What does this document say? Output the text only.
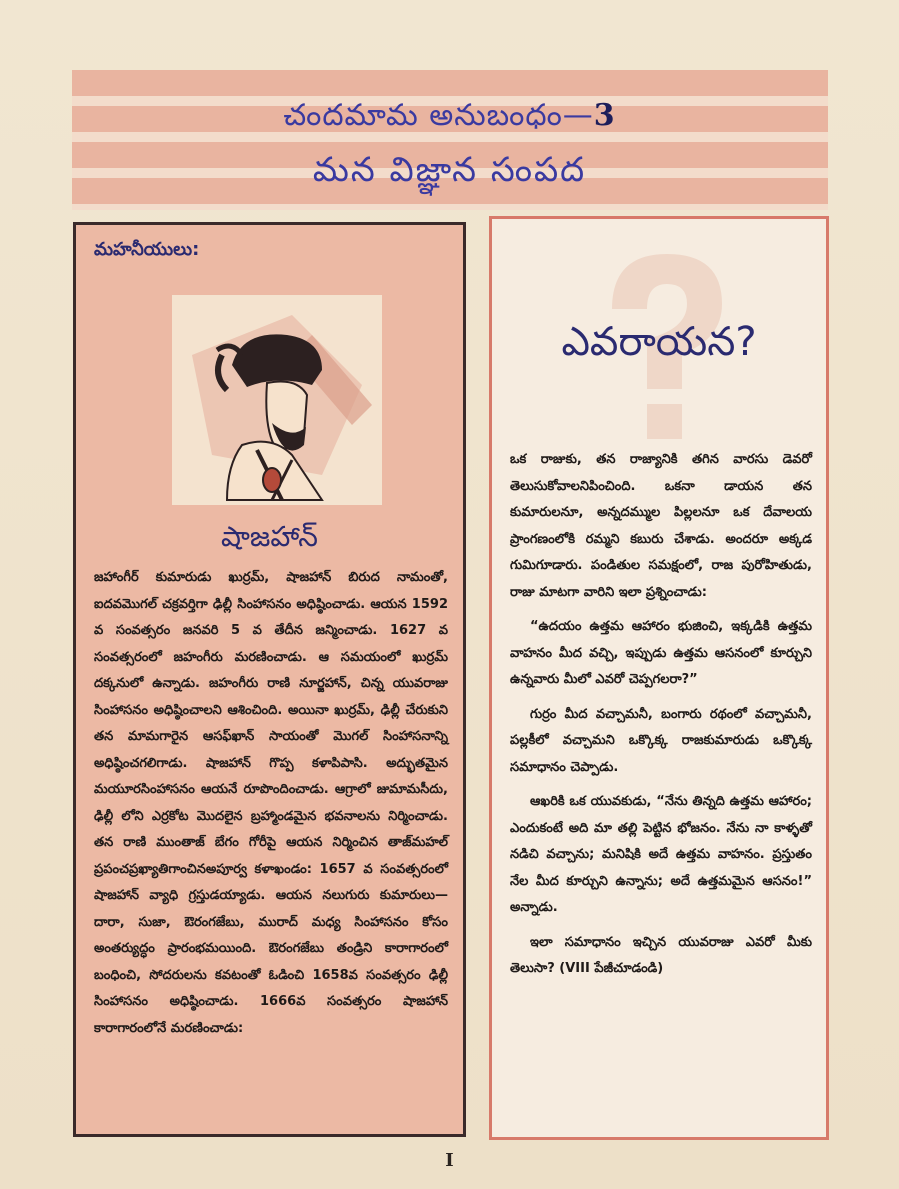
చందమామ అనుబంధం—3
మన విజ్ఞాన సంపద
మహనీయులు:
షాజహాన్
జహాంగీర్ కుమారుడు ఖుర్రమ్, షాజహాన్ బిరుద నామంతో, ఐదవమొగల్ చక్రవర్తిగా ఢిల్లీ సింహాసనం అధిష్ఠించాడు. ఆయన 1592 వ సంవత్సరం జనవరి 5 వ తేదీన జన్మించాడు. 1627 వ సంవత్సరంలో జహంగీరు మరణించాడు. ఆ సమయంలో ఖుర్రమ్ దక్కనులో ఉన్నాడు. జహంగీరు రాణి నూర్జహాన్, చిన్న యువరాజు సింహాసనం అధిష్ఠించాలని ఆశించింది. అయినా ఖుర్రమ్, ఢిల్లీ చేరుకుని తన మామగారైన ఆసఫ్‌ఖాన్ సాయంతో మొగల్ సింహాసనాన్ని అధిష్ఠించగలిగాడు. షాజహాన్ గొప్ప కళాపిపాసి. అద్భుతమైన మయూరసింహాసనం ఆయనే రూపొందించాడు. ఆగ్రాలో జుమామసీదు, ఢిల్లీ లోని ఎర్రకోట మొదలైన బ్రహ్మాండమైన భవనాలను నిర్మించాడు. తన రాణి ముంతాజ్ బేగం గోరీపై ఆయన నిర్మించిన తాజ్‌మహల్ ప్రపంచప్రఖ్యాతిగాంచినఅపూర్వ కళాఖండం: 1657 వ సంవత్సరంలో షాజహాన్ వ్యాధి గ్రస్తుడయ్యాడు. ఆయన నలుగురు కుమారులు— దారా, సుజా, ఔరంగజేబు, మురాద్ మధ్య సింహాసనం కోసం అంతర్యుద్ధం ప్రారంభమయింది. ఔరంగజేబు తండ్రిని కారాగారంలో బంధించి, సోదరులను కవటంతో ఓడించి 1658వ సంవత్సరం ఢిల్లీ సింహాసనం అధిష్ఠించాడు. 1666వ సంవత్సరం షాజహాన్ కారాగారంలోనే మరణించాడు:
ఎవరాయన?

ఒక రాజుకు, తన రాజ్యానికి తగిన వారసు డెవరో తెలుసుకోవాలనిపించింది. ఒకనా డాయన తన కుమారులనూ, అన్నదమ్ముల పిల్లలనూ ఒక దేవాలయ ప్రాంగణంలోకి రమ్మని కబురు చేశాడు. అందరూ అక్కడ గుమిగూడారు. పండితుల సమక్షంలో, రాజ పురోహితుడు, రాజు మాటగా వారిని ఇలా ప్రశ్నించాడు:

“ఉదయం ఉత్తమ ఆహారం భుజించి, ఇక్కడికి ఉత్తమ వాహనం మీద వచ్చి, ఇప్పుడు ఉత్తమ ఆసనంలో కూర్చుని ఉన్నవారు మీలో ఎవరో చెప్పగలరా?”

గుర్రం మీద వచ్చామనీ, బంగారు రథంలో వచ్చామనీ, పల్లకీలో వచ్చామని ఒక్కొక్క రాజకుమారుడు ఒక్కొక్క సమాధానం చెప్పాడు.

ఆఖరికి ఒక యువకుడు, “నేను తిన్నది ఉత్తమ ఆహారం; ఎందుకంటే అది మా తల్లి పెట్టిన భోజనం. నేను నా కాళ్ళతో నడిచి వచ్చాను; మనిషికి అదే ఉత్తమ వాహనం. ప్రస్తుతం నేల మీద కూర్చుని ఉన్నాను; అదే ఉత్తమమైన ఆసనం!” అన్నాడు.

ఇలా సమాధానం ఇచ్చిన యువరాజు ఎవరో మీకు తెలుసా? (VIII పేజీచూడండి)

I
